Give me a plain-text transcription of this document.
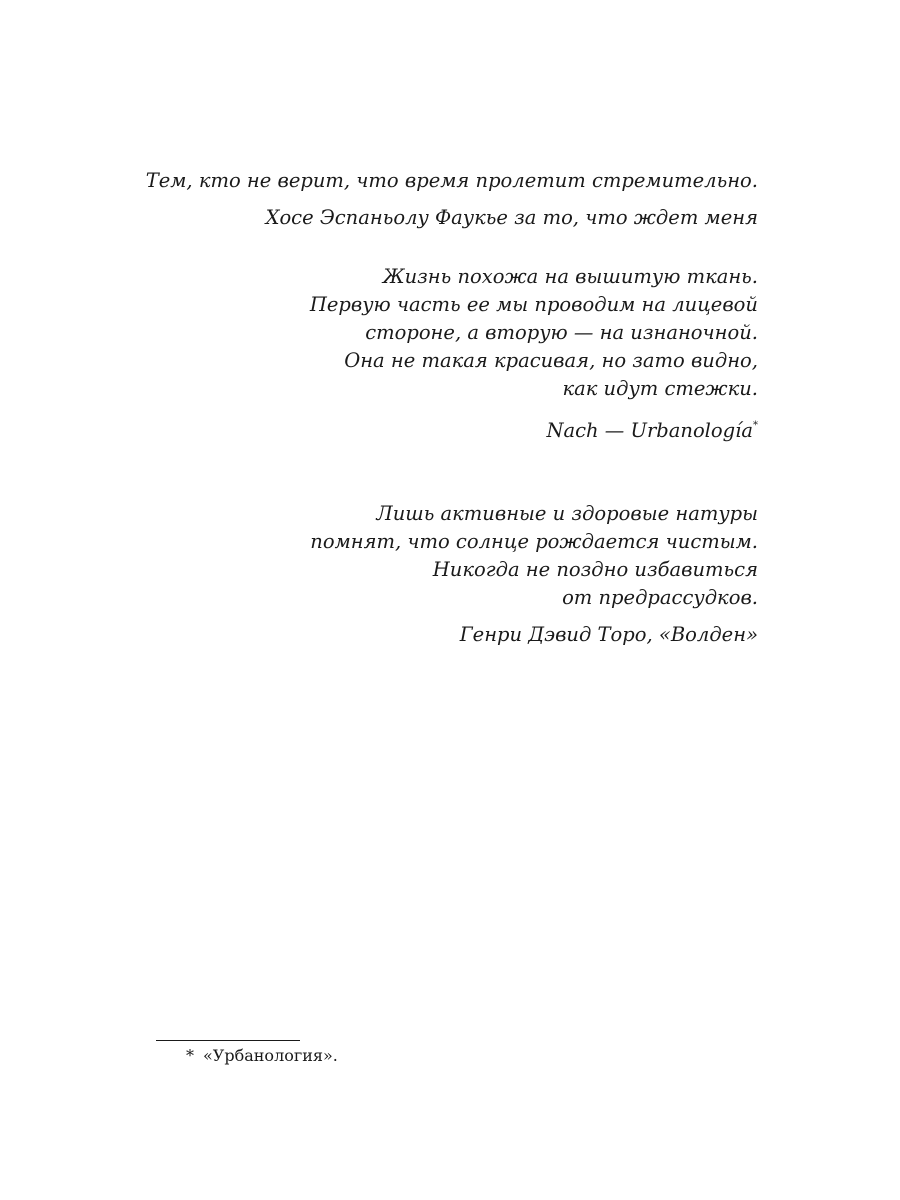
Тем, кто не верит, что время пролетит стремительно.
Хосе Эспаньолу Фаукье за то, что ждет меня
Жизнь похожа на вышитую ткань.
Первую часть ее мы проводим на лицевой
стороне, а вторую — на изнаночной.
Она не такая красивая, но зато видно,
как идут стежки.
Nach — Urbanología*
Лишь активные и здоровые натуры
помнят, что солнце рождается чистым.
Никогда не поздно избавиться
от предрассудков.
Генри Дэвид Торо, «Волден»
* «Урбанология».
